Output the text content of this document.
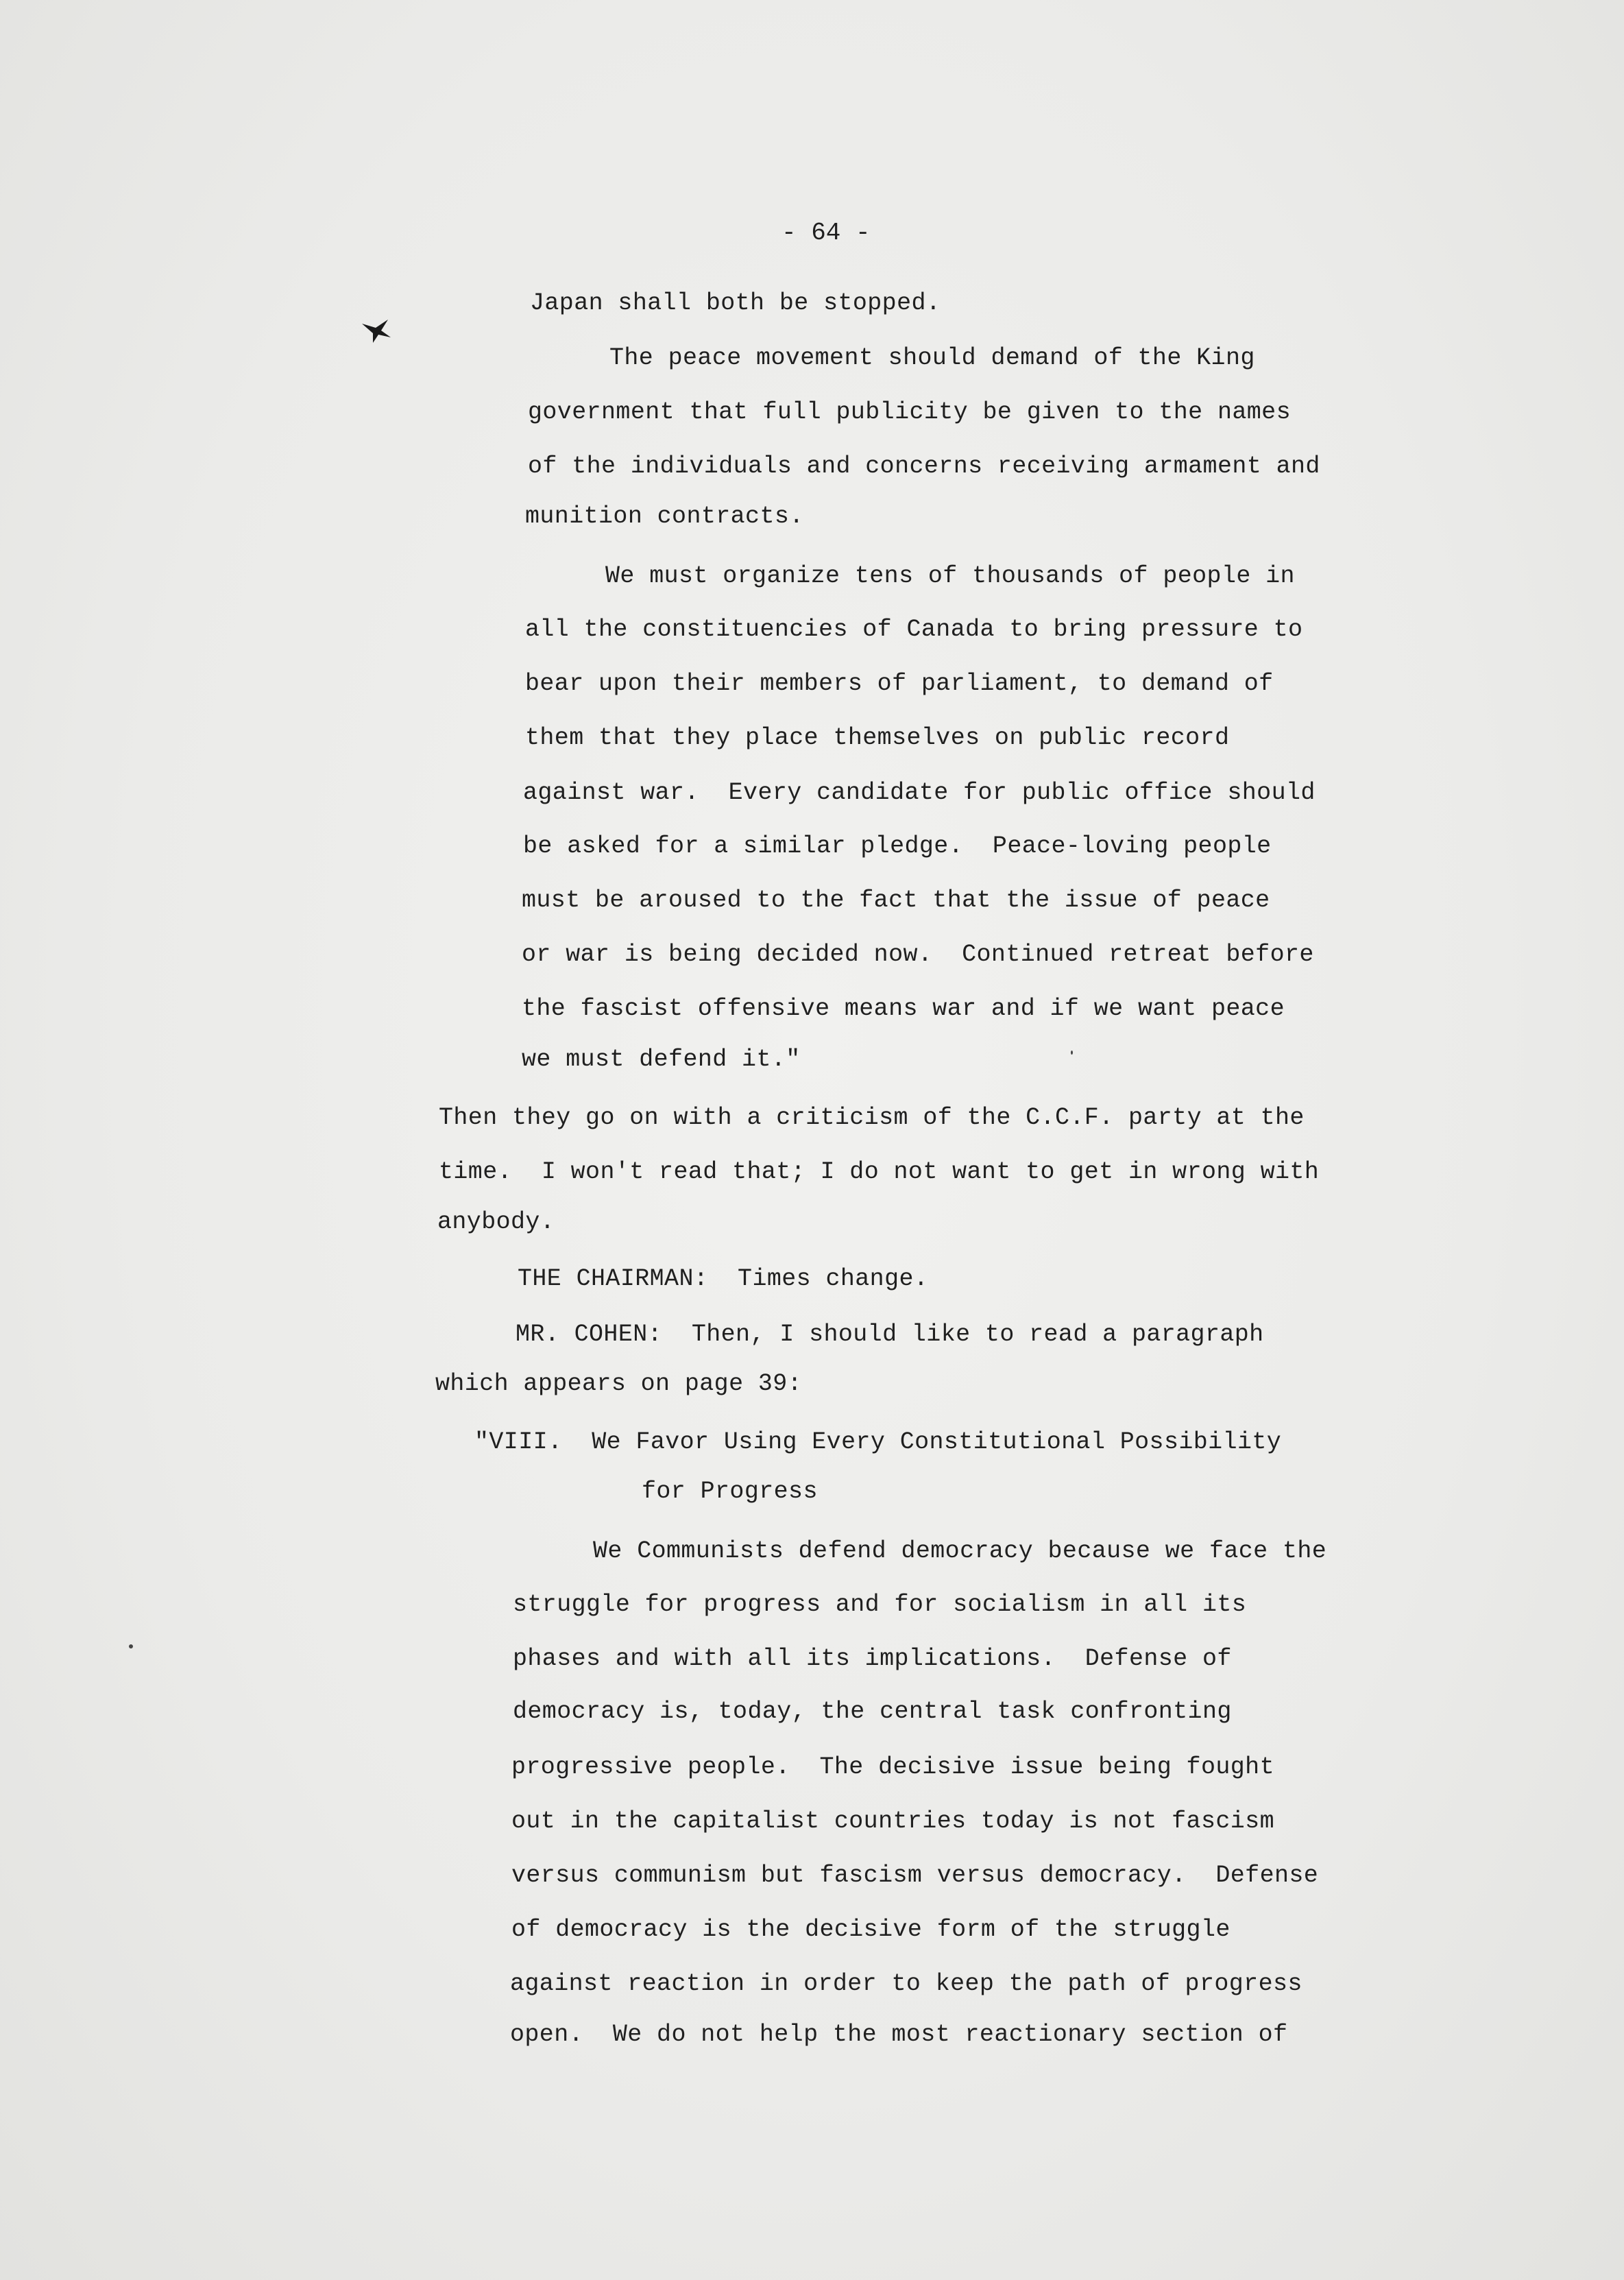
- 64 -
Japan shall both be stopped.
The peace movement should demand of the King
government that full publicity be given to the names
of the individuals and concerns receiving armament and
munition contracts.
We must organize tens of thousands of people in
all the constituencies of Canada to bring pressure to
bear upon their members of parliament, to demand of
them that they place themselves on public record
against war.  Every candidate for public office should
be asked for a similar pledge.  Peace-loving people
must be aroused to the fact that the issue of peace
or war is being decided now.  Continued retreat before
the fascist offensive means war and if we want peace
we must defend it."
Then they go on with a criticism of the C.C.F. party at the
time.  I won't read that; I do not want to get in wrong with
anybody.
THE CHAIRMAN:  Times change.
MR. COHEN:  Then, I should like to read a paragraph
which appears on page 39:
"VIII.  We Favor Using Every Constitutional Possibility
for Progress
We Communists defend democracy because we face the
struggle for progress and for socialism in all its
phases and with all its implications.  Defense of
democracy is, today, the central task confronting
progressive people.  The decisive issue being fought
out in the capitalist countries today is not fascism
versus communism but fascism versus democracy.  Defense
of democracy is the decisive form of the struggle
against reaction in order to keep the path of progress
open.  We do not help the most reactionary section of
